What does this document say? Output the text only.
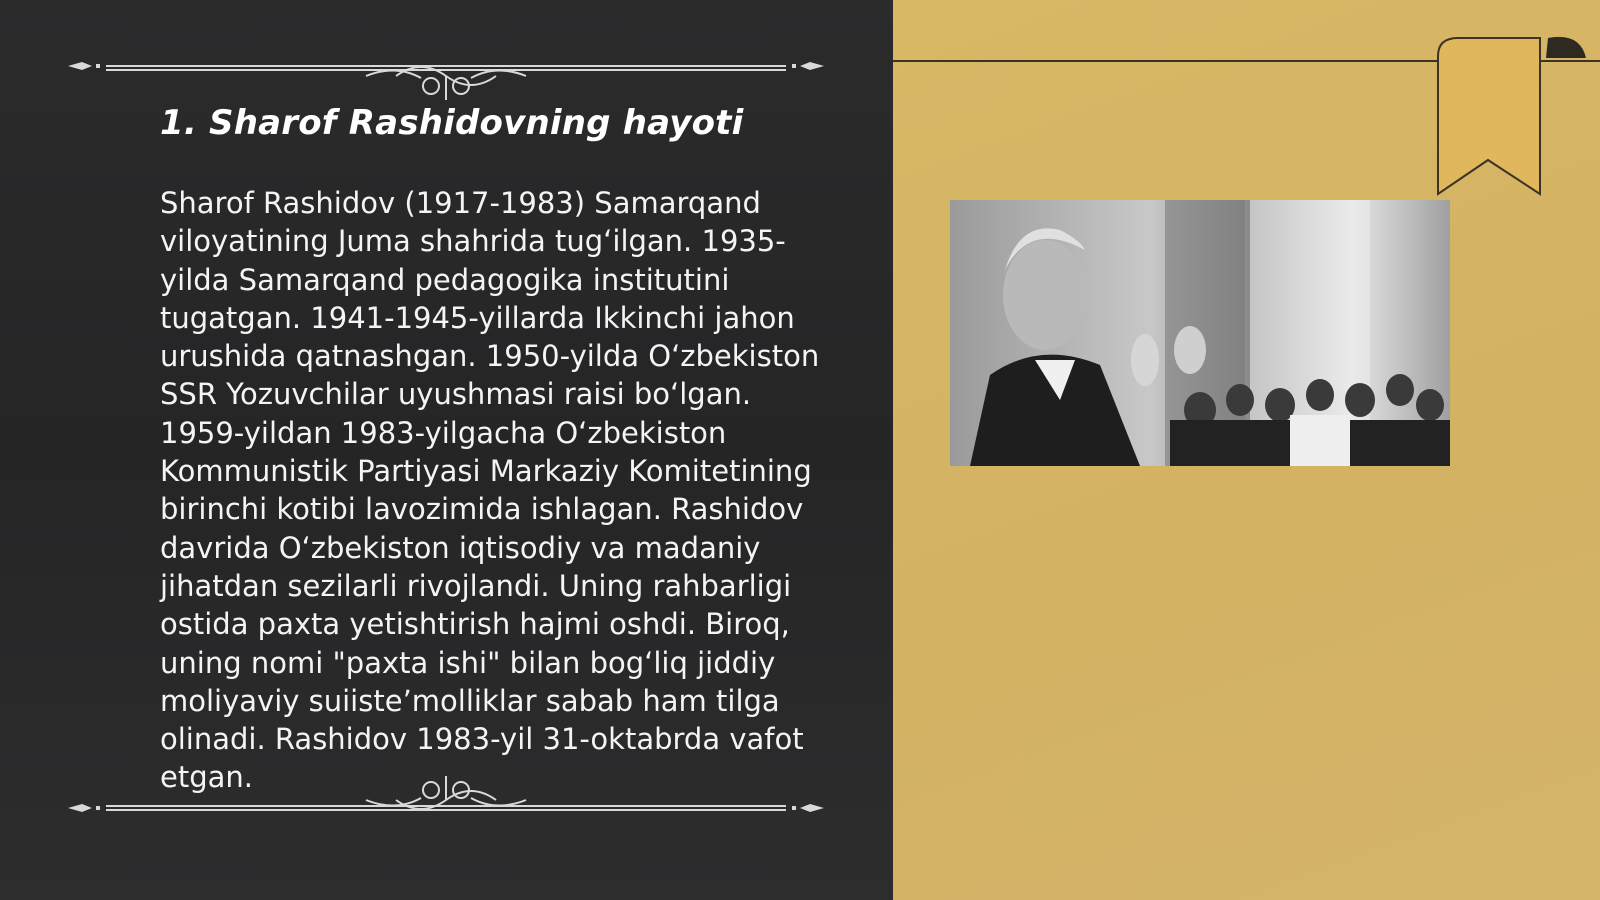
1. Sharof Rashidovning hayoti

Sharof Rashidov (1917-1983) Samarqand viloyatining Juma shahrida tug‘ilgan. 1935-yilda Samarqand pedagogika institutini tugatgan. 1941-1945-yillarda Ikkinchi jahon urushida qatnashgan. 1950-yilda O‘zbekiston SSR Yozuvchilar uyushmasi raisi bo‘lgan. 1959-yildan 1983-yilgacha O‘zbekiston Kommunistik Partiyasi Markaziy Komitetining birinchi kotibi lavozimida ishlagan. Rashidov davrida O‘zbekiston iqtisodiy va madaniy jihatdan sezilarli rivojlandi. Uning rahbarligi ostida paxta yetishtirish hajmi oshdi. Biroq, uning nomi "paxta ishi" bilan bog‘liq jiddiy moliyaviy suiiste’molliklar sabab ham tilga olinadi. Rashidov 1983-yil 31-oktabrda vafot etgan.
